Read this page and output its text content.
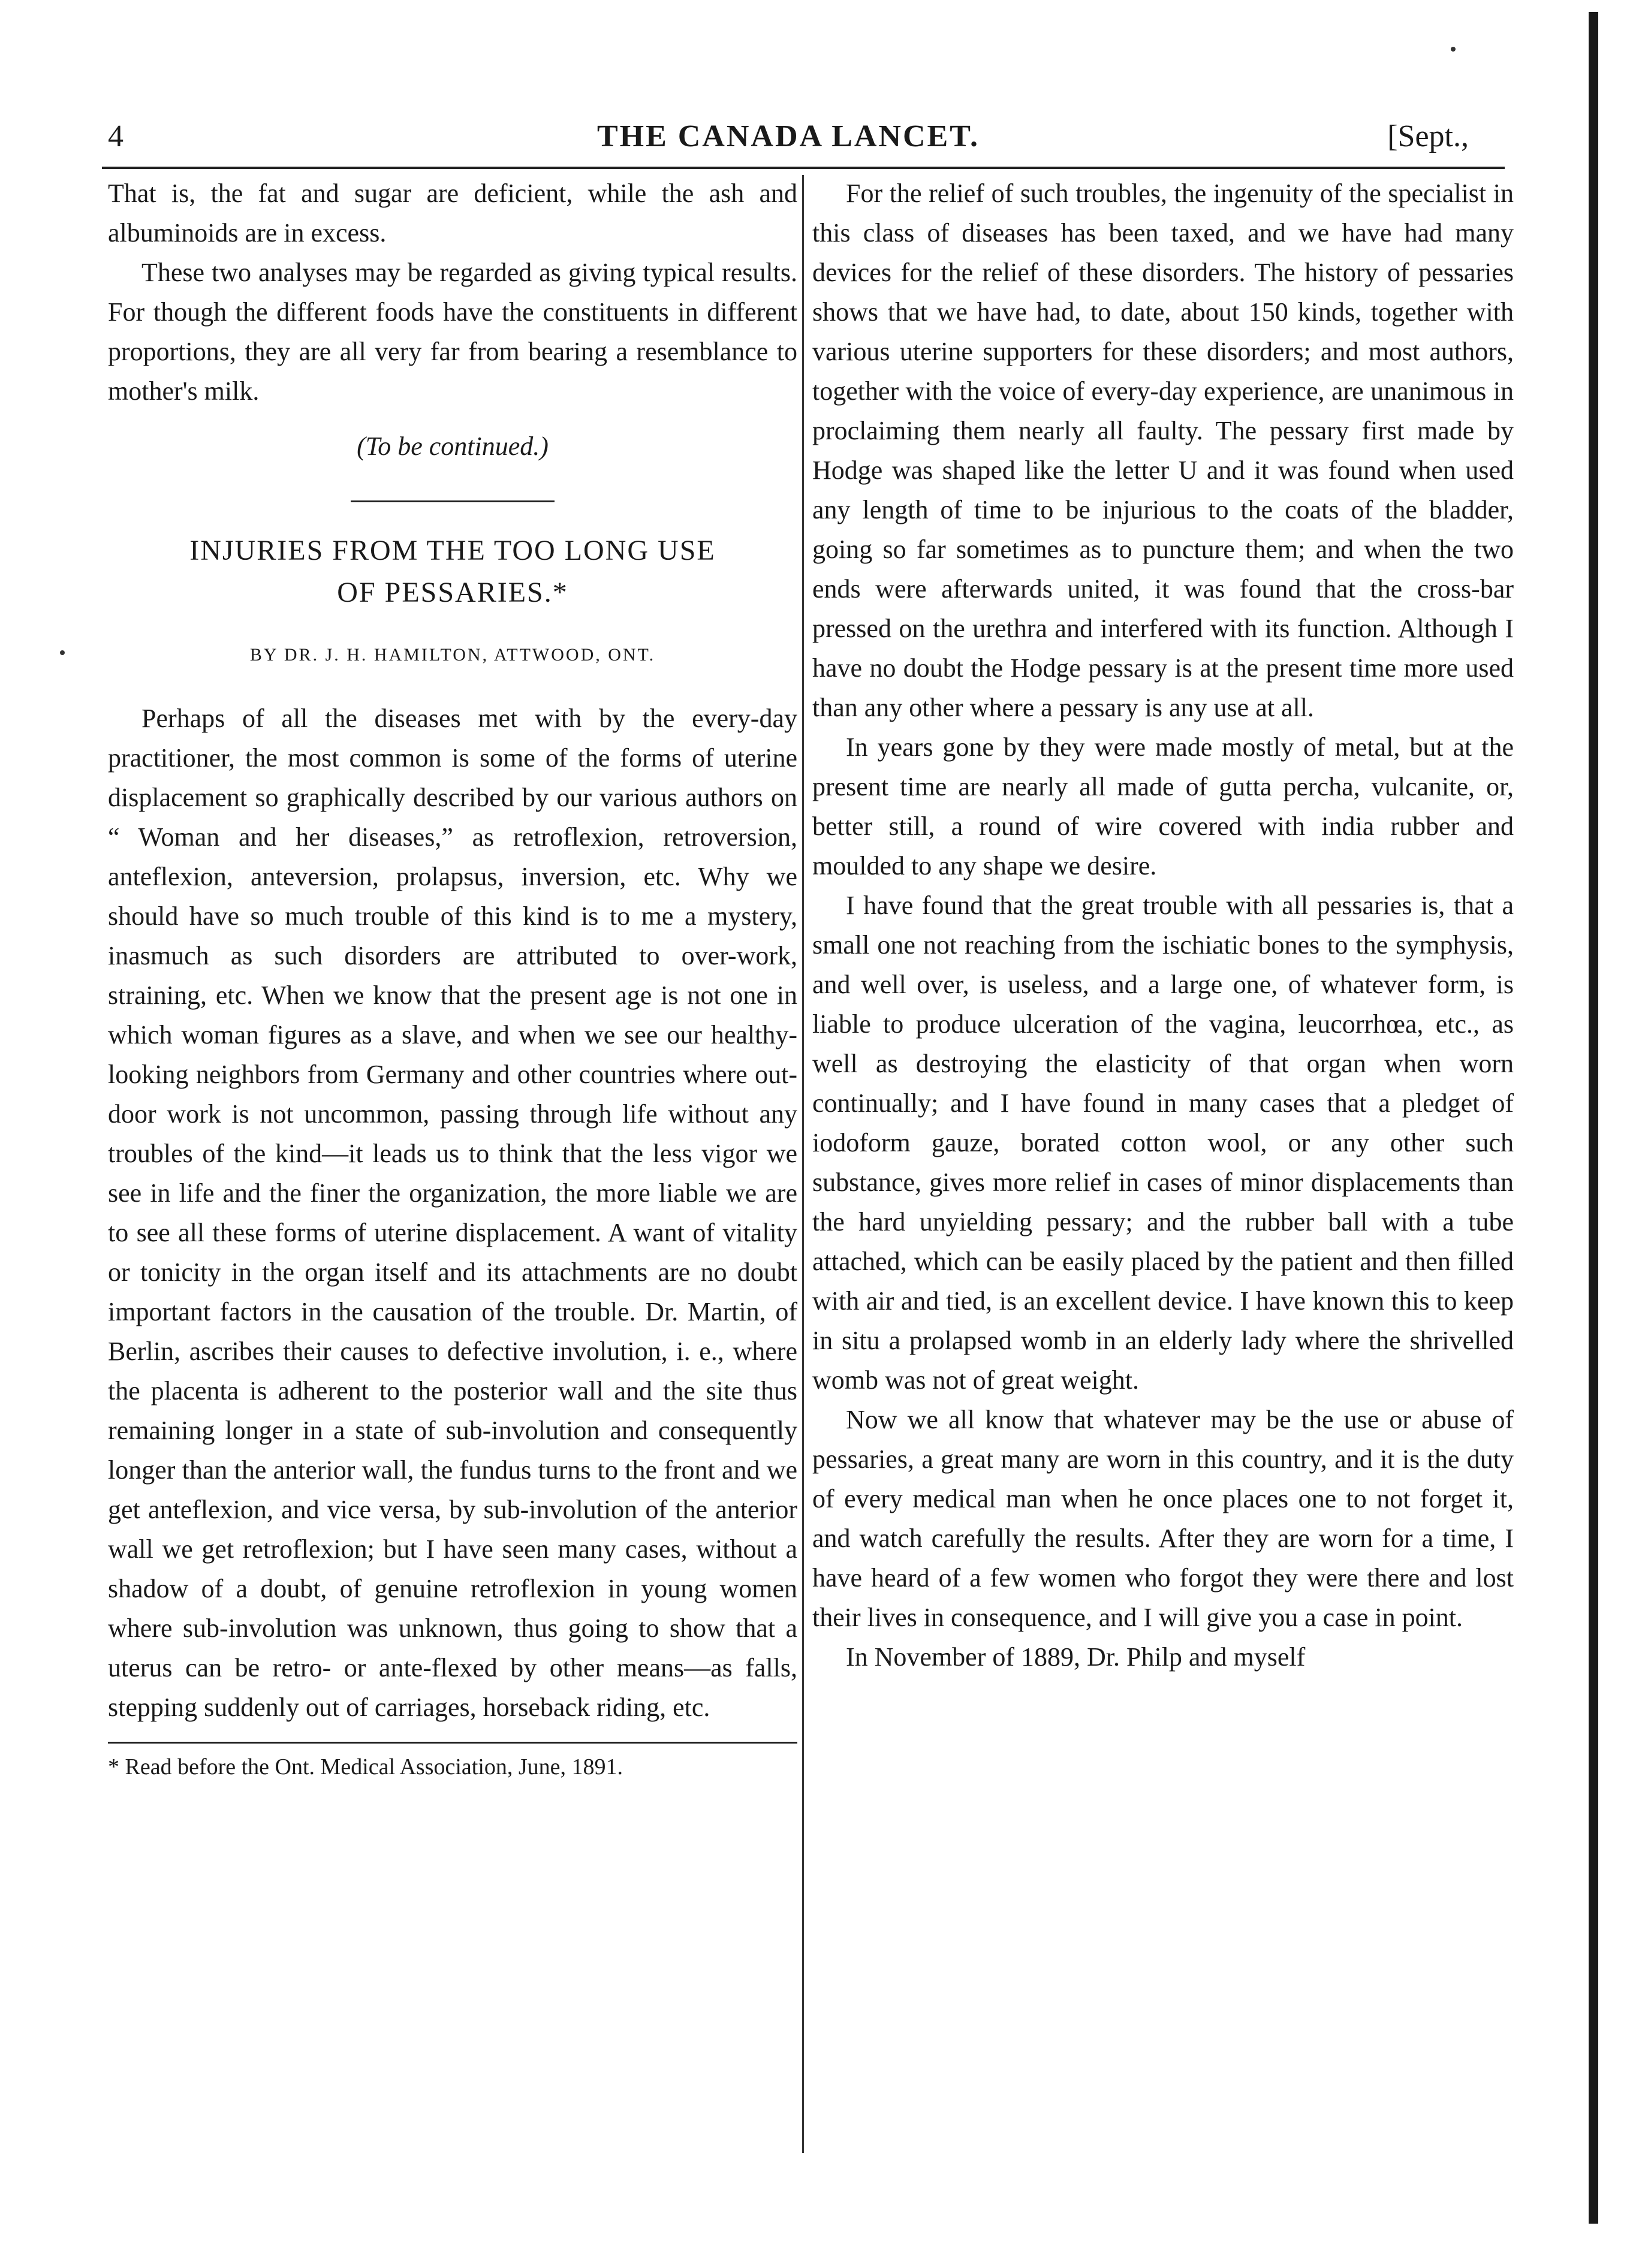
4	THE CANADA LANCET.	[Sept.,

That is, the fat and sugar are deficient, while the ash and albuminoids are in excess.

These two analyses may be regarded as giving typical results. For though the different foods have the constituents in different proportions, they are all very far from bearing a resemblance to mother's milk.

(To be continued.)

INJURIES FROM THE TOO LONG USE
OF PESSARIES.*
BY DR. J. H. HAMILTON, ATTWOOD, ONT.

Perhaps of all the diseases met with by the every-day practitioner, the most common is some of the forms of uterine displacement so graphically described by our various authors on “ Woman and her diseases,” as retroflexion, retroversion, anteflexion, anteversion, prolapsus, inversion, etc. Why we should have so much trouble of this kind is to me a mystery, inasmuch as such disorders are attributed to over-work, straining, etc. When we know that the present age is not one in which woman figures as a slave, and when we see our healthy-looking neighbors from Germany and other countries where out-door work is not uncommon, passing through life without any troubles of the kind—it leads us to think that the less vigor we see in life and the finer the organization, the more liable we are to see all these forms of uterine displacement. A want of vitality or tonicity in the organ itself and its attachments are no doubt important factors in the causation of the trouble. Dr. Martin, of Berlin, ascribes their causes to defective involution, i. e., where the placenta is adherent to the posterior wall and the site thus remaining longer in a state of sub-involution and consequently longer than the anterior wall, the fundus turns to the front and we get anteflexion, and vice versa, by sub-involution of the anterior wall we get retroflexion; but I have seen many cases, without a shadow of a doubt, of genuine retroflexion in young women where sub-involution was unknown, thus going to show that a uterus can be retro- or ante-flexed by other means—as falls, stepping suddenly out of carriages, horseback riding, etc.

* Read before the Ont. Medical Association, June, 1891.

For the relief of such troubles, the ingenuity of the specialist in this class of diseases has been taxed, and we have had many devices for the relief of these disorders. The history of pessaries shows that we have had, to date, about 150 kinds, together with various uterine supporters for these disorders; and most authors, together with the voice of every-day experience, are unanimous in proclaiming them nearly all faulty. The pessary first made by Hodge was shaped like the letter U and it was found when used any length of time to be injurious to the coats of the bladder, going so far sometimes as to puncture them; and when the two ends were afterwards united, it was found that the cross-bar pressed on the urethra and interfered with its function. Although I have no doubt the Hodge pessary is at the present time more used than any other where a pessary is any use at all.

In years gone by they were made mostly of metal, but at the present time are nearly all made of gutta percha, vulcanite, or, better still, a round of wire covered with india rubber and moulded to any shape we desire.

I have found that the great trouble with all pessaries is, that a small one not reaching from the ischiatic bones to the symphysis, and well over, is useless, and a large one, of whatever form, is liable to produce ulceration of the vagina, leucorrhœa, etc., as well as destroying the elasticity of that organ when worn continually; and I have found in many cases that a pledget of iodoform gauze, borated cotton wool, or any other such substance, gives more relief in cases of minor displacements than the hard unyielding pessary; and the rubber ball with a tube attached, which can be easily placed by the patient and then filled with air and tied, is an excellent device. I have known this to keep in situ a prolapsed womb in an elderly lady where the shrivelled womb was not of great weight.

Now we all know that whatever may be the use or abuse of pessaries, a great many are worn in this country, and it is the duty of every medical man when he once places one to not forget it, and watch carefully the results. After they are worn for a time, I have heard of a few women who forgot they were there and lost their lives in consequence, and I will give you a case in point.

In November of 1889, Dr. Philp and myself
